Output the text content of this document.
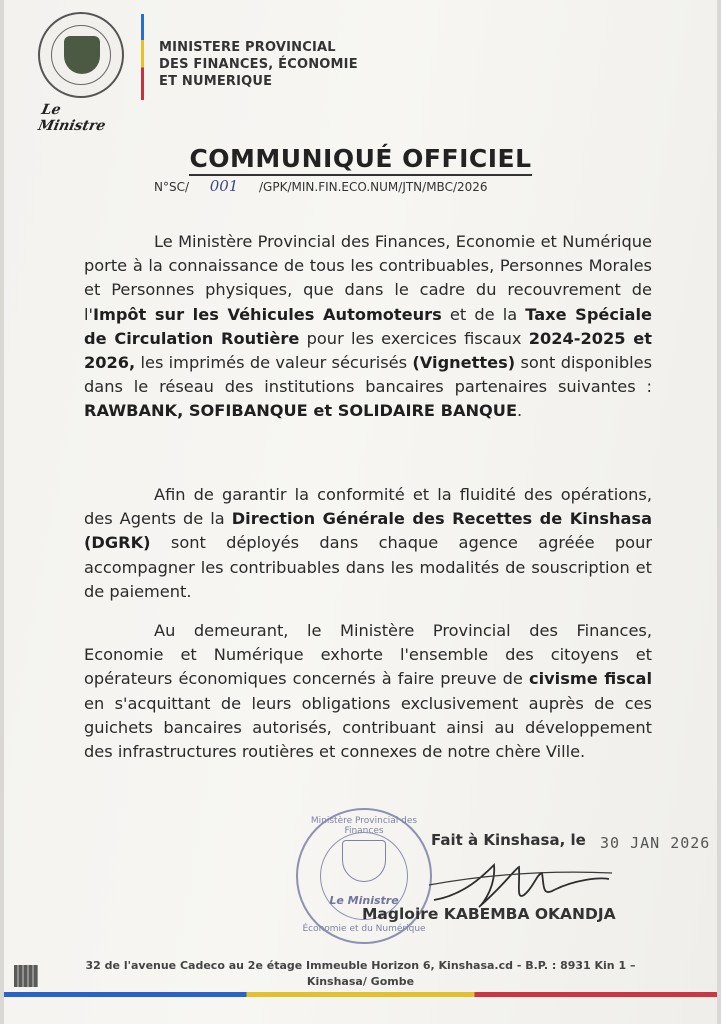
Le Ministre
MINISTERE PROVINCIAL
DES FINANCES, ÉCONOMIE
ET NUMERIQUE
COMMUNIQUÉ OFFICIEL
N°SC/ 001 /GPK/MIN.FIN.ECO.NUM/JTN/MBC/2026

Le Ministère Provincial des Finances, Economie et Numérique porte à la connaissance de tous les contribuables, Personnes Morales et Personnes physiques, que dans le cadre du recouvrement de l'Impôt sur les Véhicules Automoteurs et de la Taxe Spéciale de Circulation Routière pour les exercices fiscaux 2024-2025 et 2026, les imprimés de valeur sécurisés (Vignettes) sont disponibles dans le réseau des institutions bancaires partenaires suivantes : RAWBANK, SOFIBANQUE et SOLIDAIRE BANQUE.

Afin de garantir la conformité et la fluidité des opérations, des Agents de la Direction Générale des Recettes de Kinshasa (DGRK) sont déployés dans chaque agence agréée pour accompagner les contribuables dans les modalités de souscription et de paiement.

Au demeurant, le Ministère Provincial des Finances, Economie et Numérique exhorte l'ensemble des citoyens et opérateurs économiques concernés à faire preuve de civisme fiscal en s'acquittant de leurs obligations exclusivement auprès de ces guichets bancaires autorisés, contribuant ainsi au développement des infrastructures routières et connexes de notre chère Ville.

Ministère Provincial des Finances
Le Ministre
Économie et du Numérique
Fait à Kinshasa, le 30 JAN 2026
Magloire KABEMBA OKANDJA
32 de l'avenue Cadeco au 2e étage Immeuble Horizon 6, Kinshasa.cd - B.P. : 8931 Kin 1 –
Kinshasa/ Gombe
